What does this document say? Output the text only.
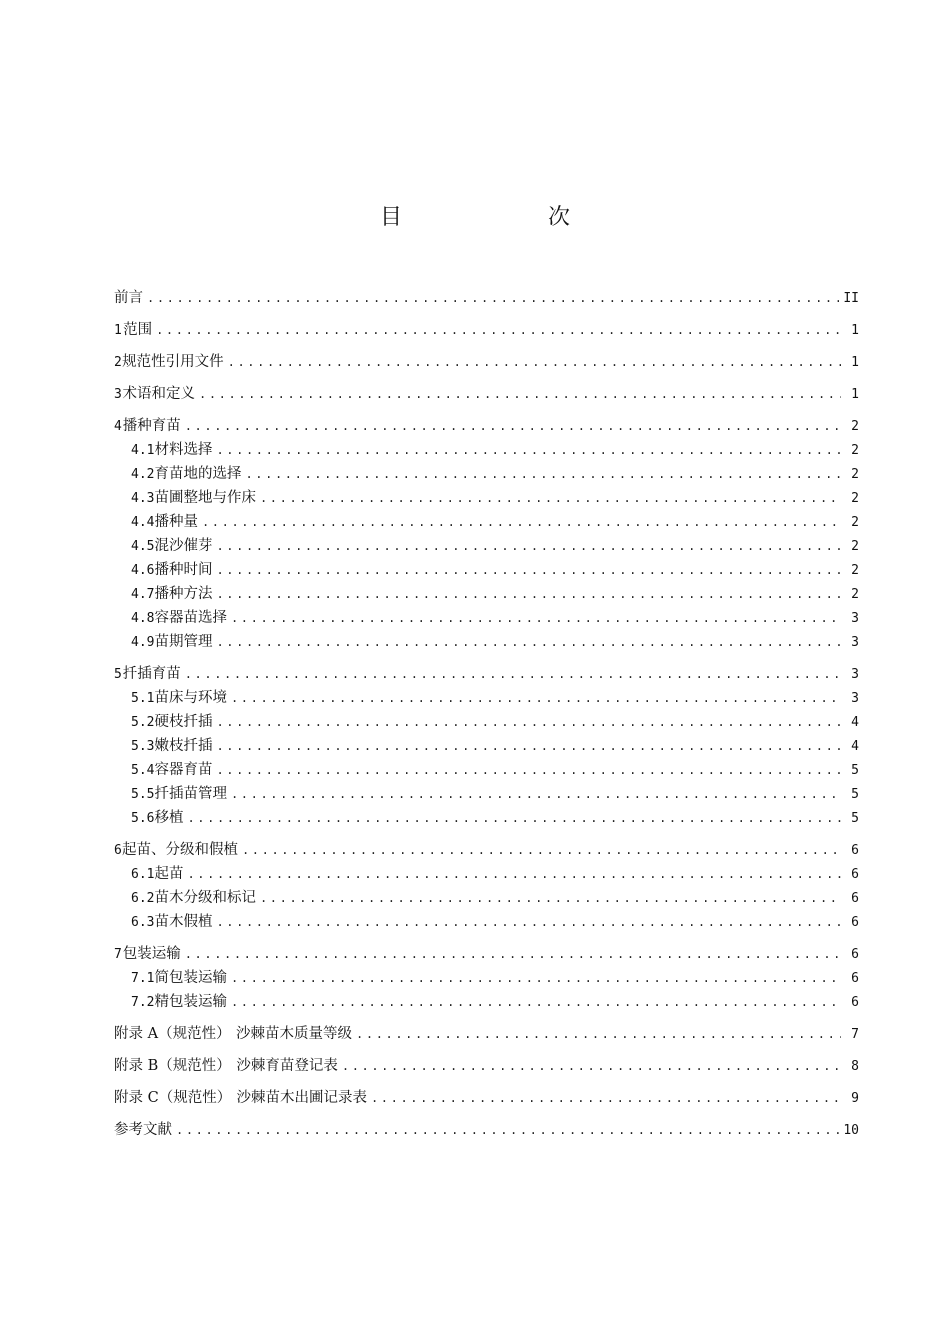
目　次
前言 .....	II
1 范围 .....	1
2 规范性引用文件 .....	1
3 术语和定义 .....	1
4 播种育苗 .....	2
4.1 材料选择 .....	2
4.2 育苗地的选择 .....	2
4.3 苗圃整地与作床 .....	2
4.4 播种量 .....	2
4.5 混沙催芽 .....	2
4.6 播种时间 .....	2
4.7 播种方法 .....	2
4.8 容器苗选择 .....	3
4.9 苗期管理 .....	3
5 扦插育苗 .....	3
5.1 苗床与环境 .....	3
5.2 硬枝扦插 .....	4
5.3 嫩枝扦插 .....	4
5.4 容器育苗 .....	5
5.5 扦插苗管理 .....	5
5.6 移植 .....	5
6 起苗、分级和假植 .....	6
6.1 起苗 .....	6
6.2 苗木分级和标记 .....	6
6.3 苗木假植 .....	6
7 包装运输 .....	6
7.1 简包装运输 .....	6
7.2 精包装运输 .....	6
附录 A（规范性） 沙棘苗木质量等级 .....	7
附录 B（规范性） 沙棘育苗登记表 .....	8
附录 C（规范性） 沙棘苗木出圃记录表 .....	9
参考文献 .....	10
